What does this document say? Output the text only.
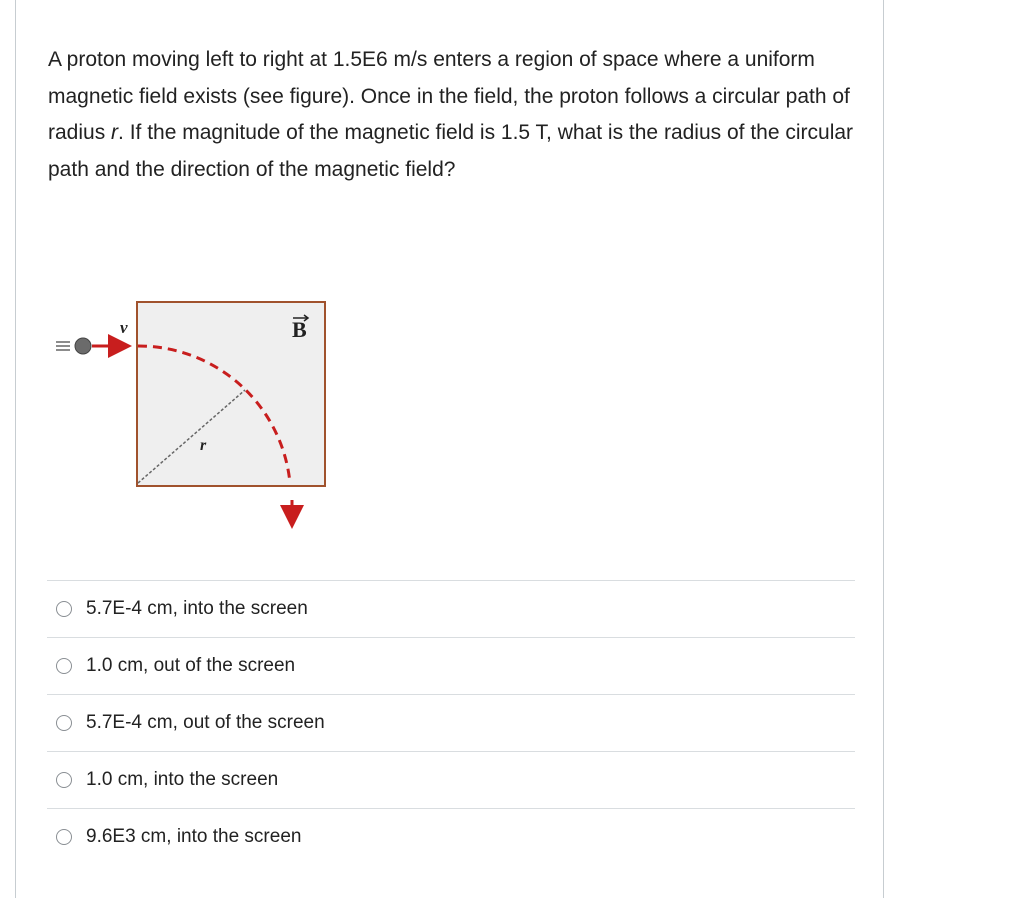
A proton moving left to right at 1.5E6 m/s enters a region of space where a uniform magnetic field exists (see figure). Once in the field, the proton follows a circular path of radius r. If the magnitude of the magnetic field is 1.5 T, what is the radius of the circular path and the direction of the magnetic field?
v	B
r
5.7E-4 cm, into the screen
1.0 cm, out of the screen
5.7E-4 cm, out of the screen
1.0 cm, into the screen
9.6E3 cm, into the screen
